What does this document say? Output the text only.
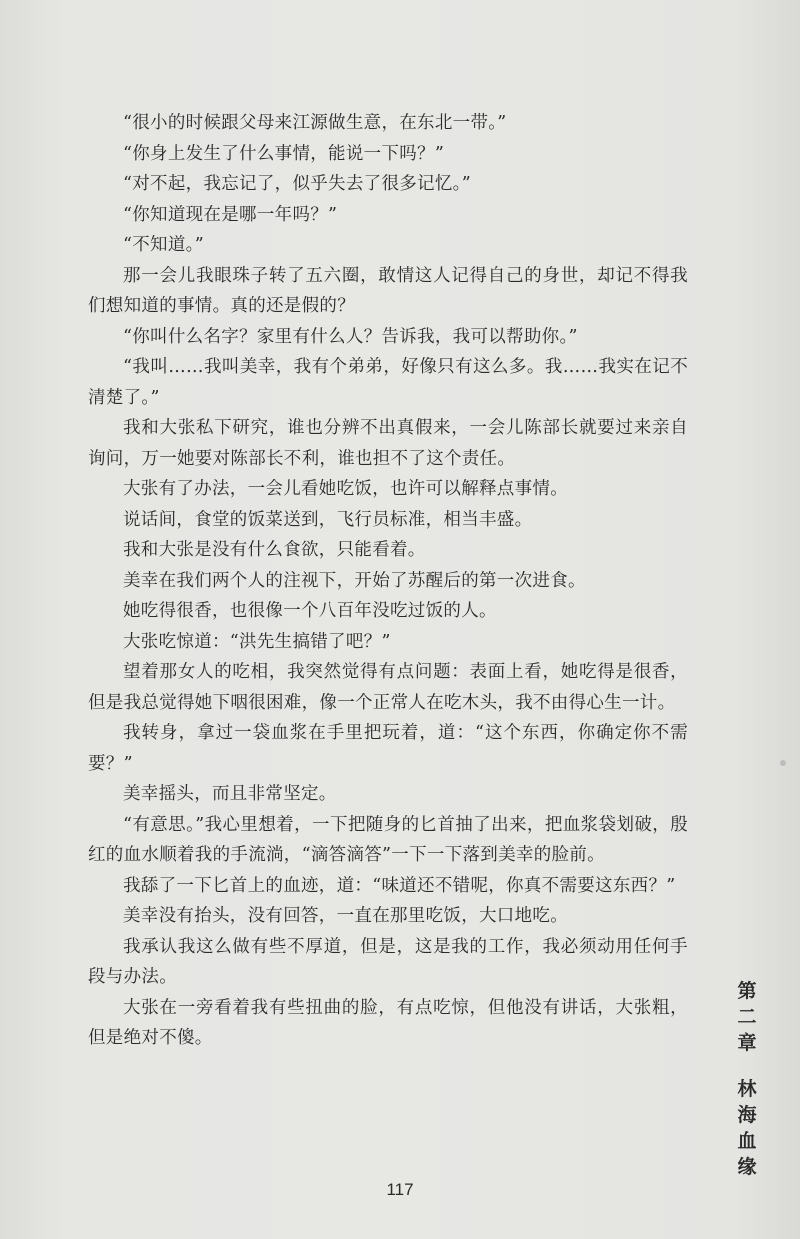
“很小的时候跟父母来江源做生意，在东北一带。”

“你身上发生了什么事情，能说一下吗？”

“对不起，我忘记了，似乎失去了很多记忆。”

“你知道现在是哪一年吗？”

“不知道。”

那一会儿我眼珠子转了五六圈，敢情这人记得自己的身世，却记不得我们想知道的事情。真的还是假的？

“你叫什么名字？家里有什么人？告诉我，我可以帮助你。”

“我叫……我叫美幸，我有个弟弟，好像只有这么多。我……我实在记不清楚了。”

我和大张私下研究，谁也分辨不出真假来，一会儿陈部长就要过来亲自询问，万一她要对陈部长不利，谁也担不了这个责任。

大张有了办法，一会儿看她吃饭，也许可以解释点事情。

说话间，食堂的饭菜送到，飞行员标准，相当丰盛。

我和大张是没有什么食欲，只能看着。

美幸在我们两个人的注视下，开始了苏醒后的第一次进食。

她吃得很香，也很像一个八百年没吃过饭的人。

大张吃惊道：“洪先生搞错了吧？”

望着那女人的吃相，我突然觉得有点问题：表面上看，她吃得是很香，但是我总觉得她下咽很困难，像一个正常人在吃木头，我不由得心生一计。

我转身，拿过一袋血浆在手里把玩着，道：“这个东西，你确定你不需要？”

美幸摇头，而且非常坚定。

“有意思。”我心里想着，一下把随身的匕首抽了出来，把血浆袋划破，殷红的血水顺着我的手流淌，“滴答滴答”一下一下落到美幸的脸前。

我舔了一下匕首上的血迹，道：“味道还不错呢，你真不需要这东西？”

美幸没有抬头，没有回答，一直在那里吃饭，大口地吃。

我承认我这么做有些不厚道，但是，这是我的工作，我必须动用任何手段与办法。

大张在一旁看着我有些扭曲的脸，有点吃惊，但他没有讲话，大张粗，但是绝对不傻。

第
二
章
林
海
血
缘
117
